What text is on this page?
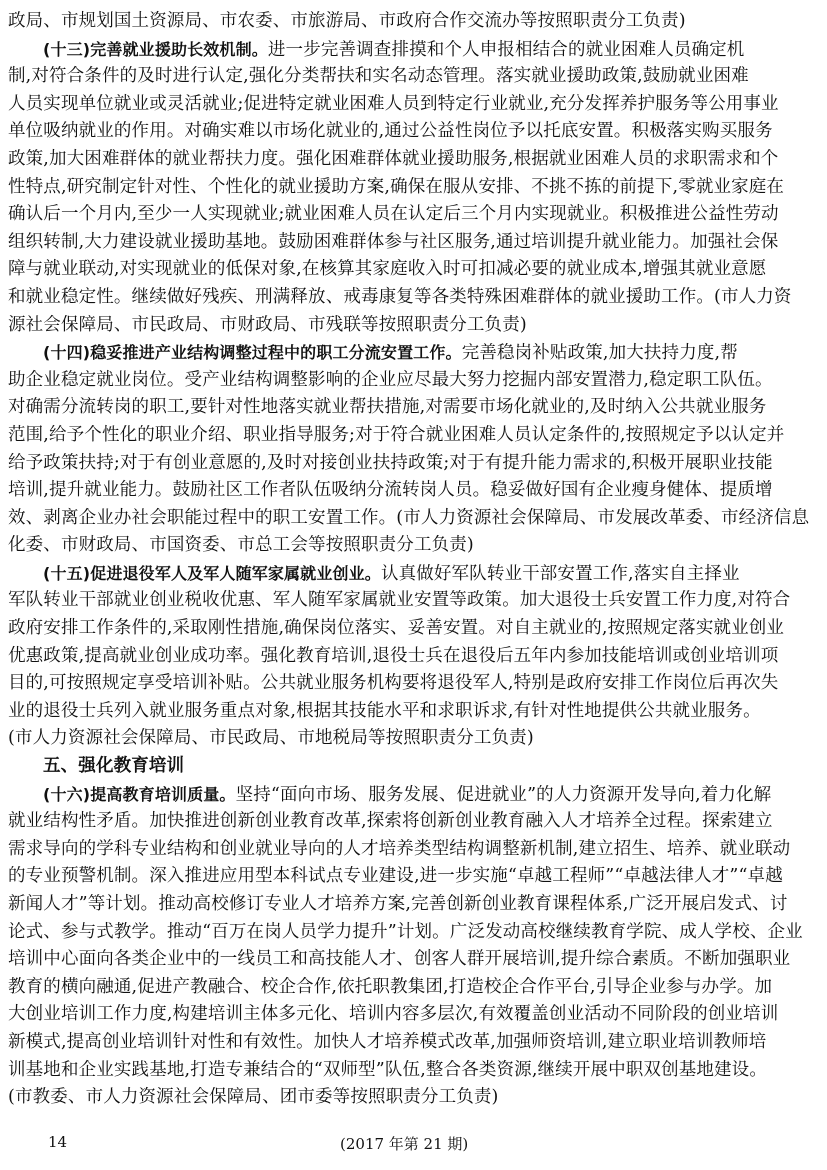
政局、市规划国土资源局、市农委、市旅游局、市政府合作交流办等按照职责分工负责)
(十三)完善就业援助长效机制。进一步完善调查排摸和个人申报相结合的就业困难人员确定机
制,对符合条件的及时进行认定,强化分类帮扶和实名动态管理。落实就业援助政策,鼓励就业困难
人员实现单位就业或灵活就业;促进特定就业困难人员到特定行业就业,充分发挥养护服务等公用事业
单位吸纳就业的作用。对确实难以市场化就业的,通过公益性岗位予以托底安置。积极落实购买服务
政策,加大困难群体的就业帮扶力度。强化困难群体就业援助服务,根据就业困难人员的求职需求和个
性特点,研究制定针对性、个性化的就业援助方案,确保在服从安排、不挑不拣的前提下,零就业家庭在
确认后一个月内,至少一人实现就业;就业困难人员在认定后三个月内实现就业。积极推进公益性劳动
组织转制,大力建设就业援助基地。鼓励困难群体参与社区服务,通过培训提升就业能力。加强社会保
障与就业联动,对实现就业的低保对象,在核算其家庭收入时可扣减必要的就业成本,增强其就业意愿
和就业稳定性。继续做好残疾、刑满释放、戒毒康复等各类特殊困难群体的就业援助工作。(市人力资
源社会保障局、市民政局、市财政局、市残联等按照职责分工负责)
(十四)稳妥推进产业结构调整过程中的职工分流安置工作。完善稳岗补贴政策,加大扶持力度,帮
助企业稳定就业岗位。受产业结构调整影响的企业应尽最大努力挖掘内部安置潜力,稳定职工队伍。
对确需分流转岗的职工,要针对性地落实就业帮扶措施,对需要市场化就业的,及时纳入公共就业服务
范围,给予个性化的职业介绍、职业指导服务;对于符合就业困难人员认定条件的,按照规定予以认定并
给予政策扶持;对于有创业意愿的,及时对接创业扶持政策;对于有提升能力需求的,积极开展职业技能
培训,提升就业能力。鼓励社区工作者队伍吸纳分流转岗人员。稳妥做好国有企业瘦身健体、提质增
效、剥离企业办社会职能过程中的职工安置工作。(市人力资源社会保障局、市发展改革委、市经济信息
化委、市财政局、市国资委、市总工会等按照职责分工负责)
(十五)促进退役军人及军人随军家属就业创业。认真做好军队转业干部安置工作,落实自主择业
军队转业干部就业创业税收优惠、军人随军家属就业安置等政策。加大退役士兵安置工作力度,对符合
政府安排工作条件的,采取刚性措施,确保岗位落实、妥善安置。对自主就业的,按照规定落实就业创业
优惠政策,提高就业创业成功率。强化教育培训,退役士兵在退役后五年内参加技能培训或创业培训项
目的,可按照规定享受培训补贴。公共就业服务机构要将退役军人,特别是政府安排工作岗位后再次失
业的退役士兵列入就业服务重点对象,根据其技能水平和求职诉求,有针对性地提供公共就业服务。
(市人力资源社会保障局、市民政局、市地税局等按照职责分工负责)
五、强化教育培训
(十六)提高教育培训质量。坚持“面向市场、服务发展、促进就业”的人力资源开发导向,着力化解
就业结构性矛盾。加快推进创新创业教育改革,探索将创新创业教育融入人才培养全过程。探索建立
需求导向的学科专业结构和创业就业导向的人才培养类型结构调整新机制,建立招生、培养、就业联动
的专业预警机制。深入推进应用型本科试点专业建设,进一步实施“卓越工程师”“卓越法律人才”“卓越
新闻人才”等计划。推动高校修订专业人才培养方案,完善创新创业教育课程体系,广泛开展启发式、讨
论式、参与式教学。推动“百万在岗人员学力提升”计划。广泛发动高校继续教育学院、成人学校、企业
培训中心面向各类企业中的一线员工和高技能人才、创客人群开展培训,提升综合素质。不断加强职业
教育的横向融通,促进产教融合、校企合作,依托职教集团,打造校企合作平台,引导企业参与办学。加
大创业培训工作力度,构建培训主体多元化、培训内容多层次,有效覆盖创业活动不同阶段的创业培训
新模式,提高创业培训针对性和有效性。加快人才培养模式改革,加强师资培训,建立职业培训教师培
训基地和企业实践基地,打造专兼结合的“双师型”队伍,整合各类资源,继续开展中职双创基地建设。
(市教委、市人力资源社会保障局、团市委等按照职责分工负责)
14	(2017 年第 21 期)
